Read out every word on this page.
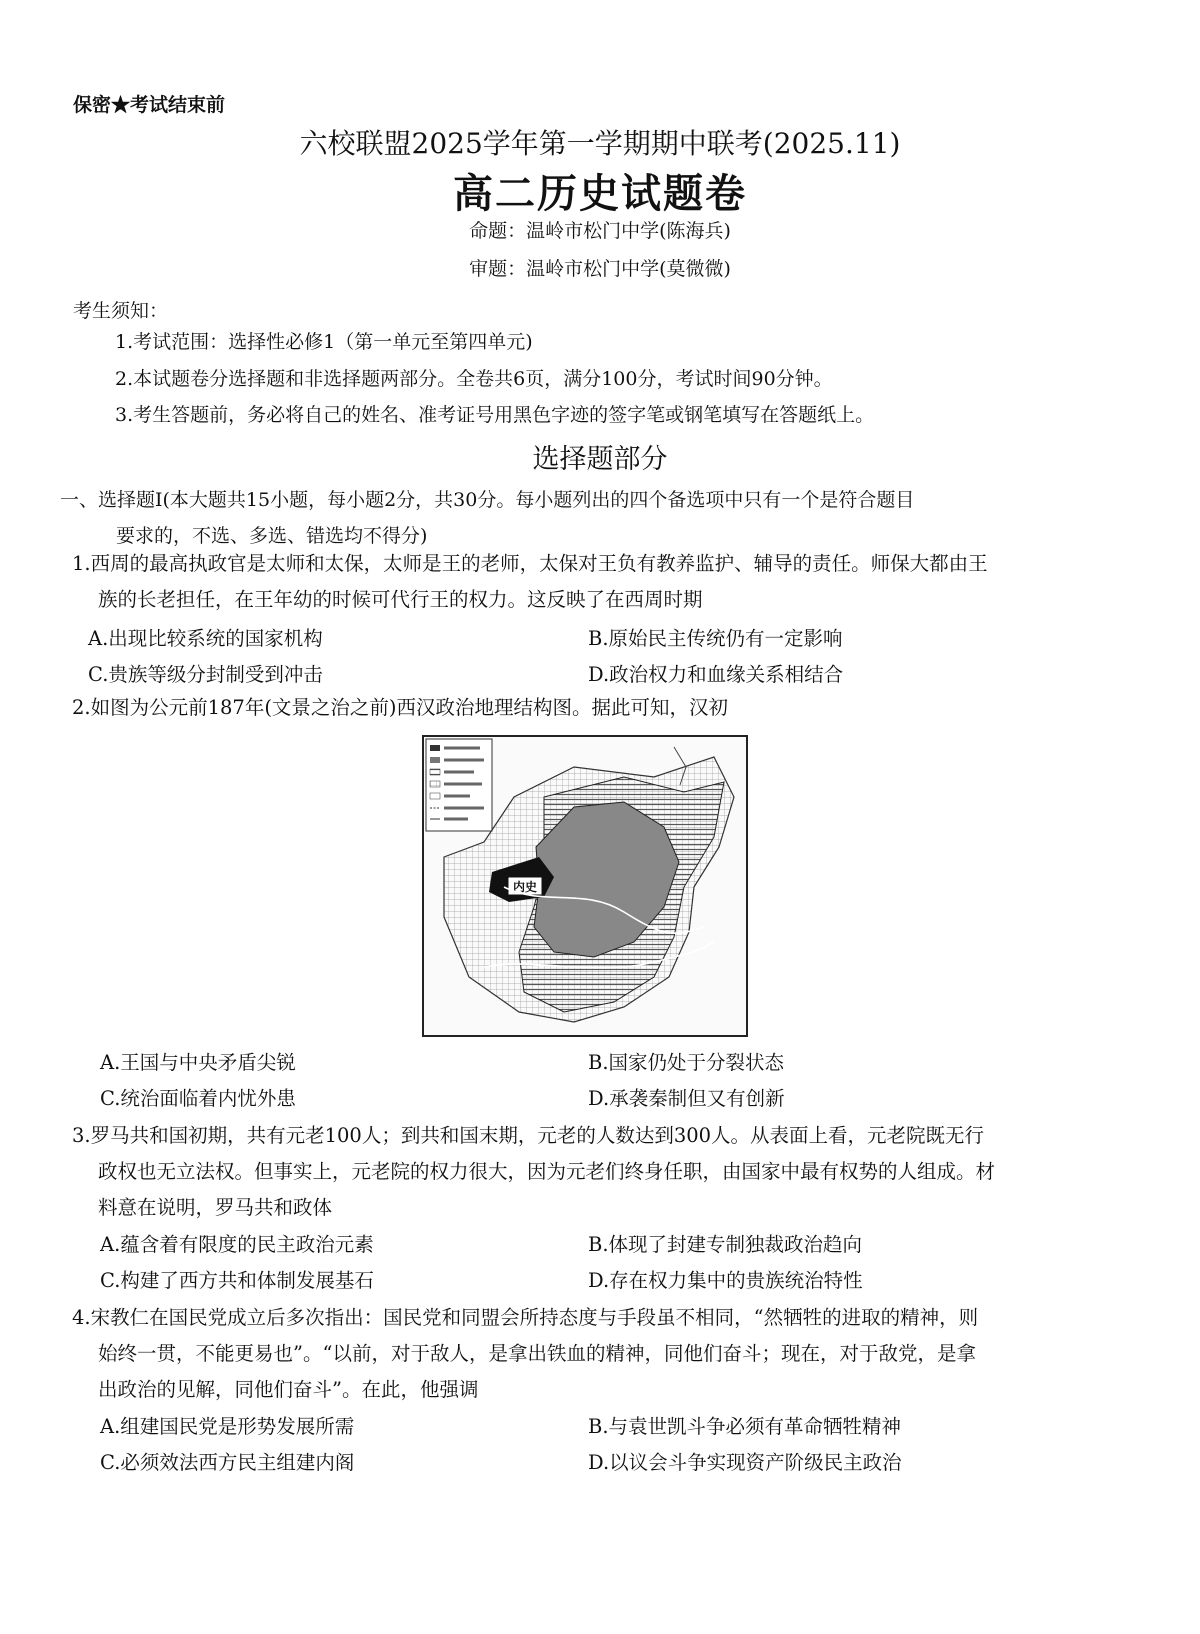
保密★考试结束前
六校联盟2025学年第一学期期中联考(2025.11)
高二历史试题卷
命题：温岭市松门中学(陈海兵)
审题：温岭市松门中学(莫微微)
考生须知：
1.考试范围：选择性必修1（第一单元至第四单元)
2.本试题卷分选择题和非选择题两部分。全卷共6页，满分100分，考试时间90分钟。
3.考生答题前，务必将自己的姓名、准考证号用黑色字迹的签字笔或钢笔填写在答题纸上。
选择题部分
一、选择题Ⅰ(本大题共15小题，每小题2分，共30分。每小题列出的四个备选项中只有一个是符合题目
要求的，不选、多选、错选均不得分)
1.西周的最高执政官是太师和太保，太师是王的老师，太保对王负有教养监护、辅导的责任。师保大都由王
族的长老担任，在王年幼的时候可代行王的权力。这反映了在西周时期
A.出现比较系统的国家机构	B.原始民主传统仍有一定影响
C.贵族等级分封制受到冲击	D.政治权力和血缘关系相结合
2.如图为公元前187年(文景之治之前)西汉政治地理结构图。据此可知，汉初
内史
A.王国与中央矛盾尖锐	B.国家仍处于分裂状态
C.统治面临着内忧外患	D.承袭秦制但又有创新
3.罗马共和国初期，共有元老100人；到共和国末期，元老的人数达到300人。从表面上看，元老院既无行
政权也无立法权。但事实上，元老院的权力很大，因为元老们终身任职，由国家中最有权势的人组成。材
料意在说明，罗马共和政体
A.蕴含着有限度的民主政治元素	B.体现了封建专制独裁政治趋向
C.构建了西方共和体制发展基石	D.存在权力集中的贵族统治特性
4.宋教仁在国民党成立后多次指出：国民党和同盟会所持态度与手段虽不相同，“然牺牲的进取的精神，则
始终一贯，不能更易也”。“以前，对于敌人，是拿出铁血的精神，同他们奋斗；现在，对于敌党，是拿
出政治的见解，同他们奋斗”。在此，他强调
A.组建国民党是形势发展所需	B.与袁世凯斗争必须有革命牺牲精神
C.必须效法西方民主组建内阁	D.以议会斗争实现资产阶级民主政治
